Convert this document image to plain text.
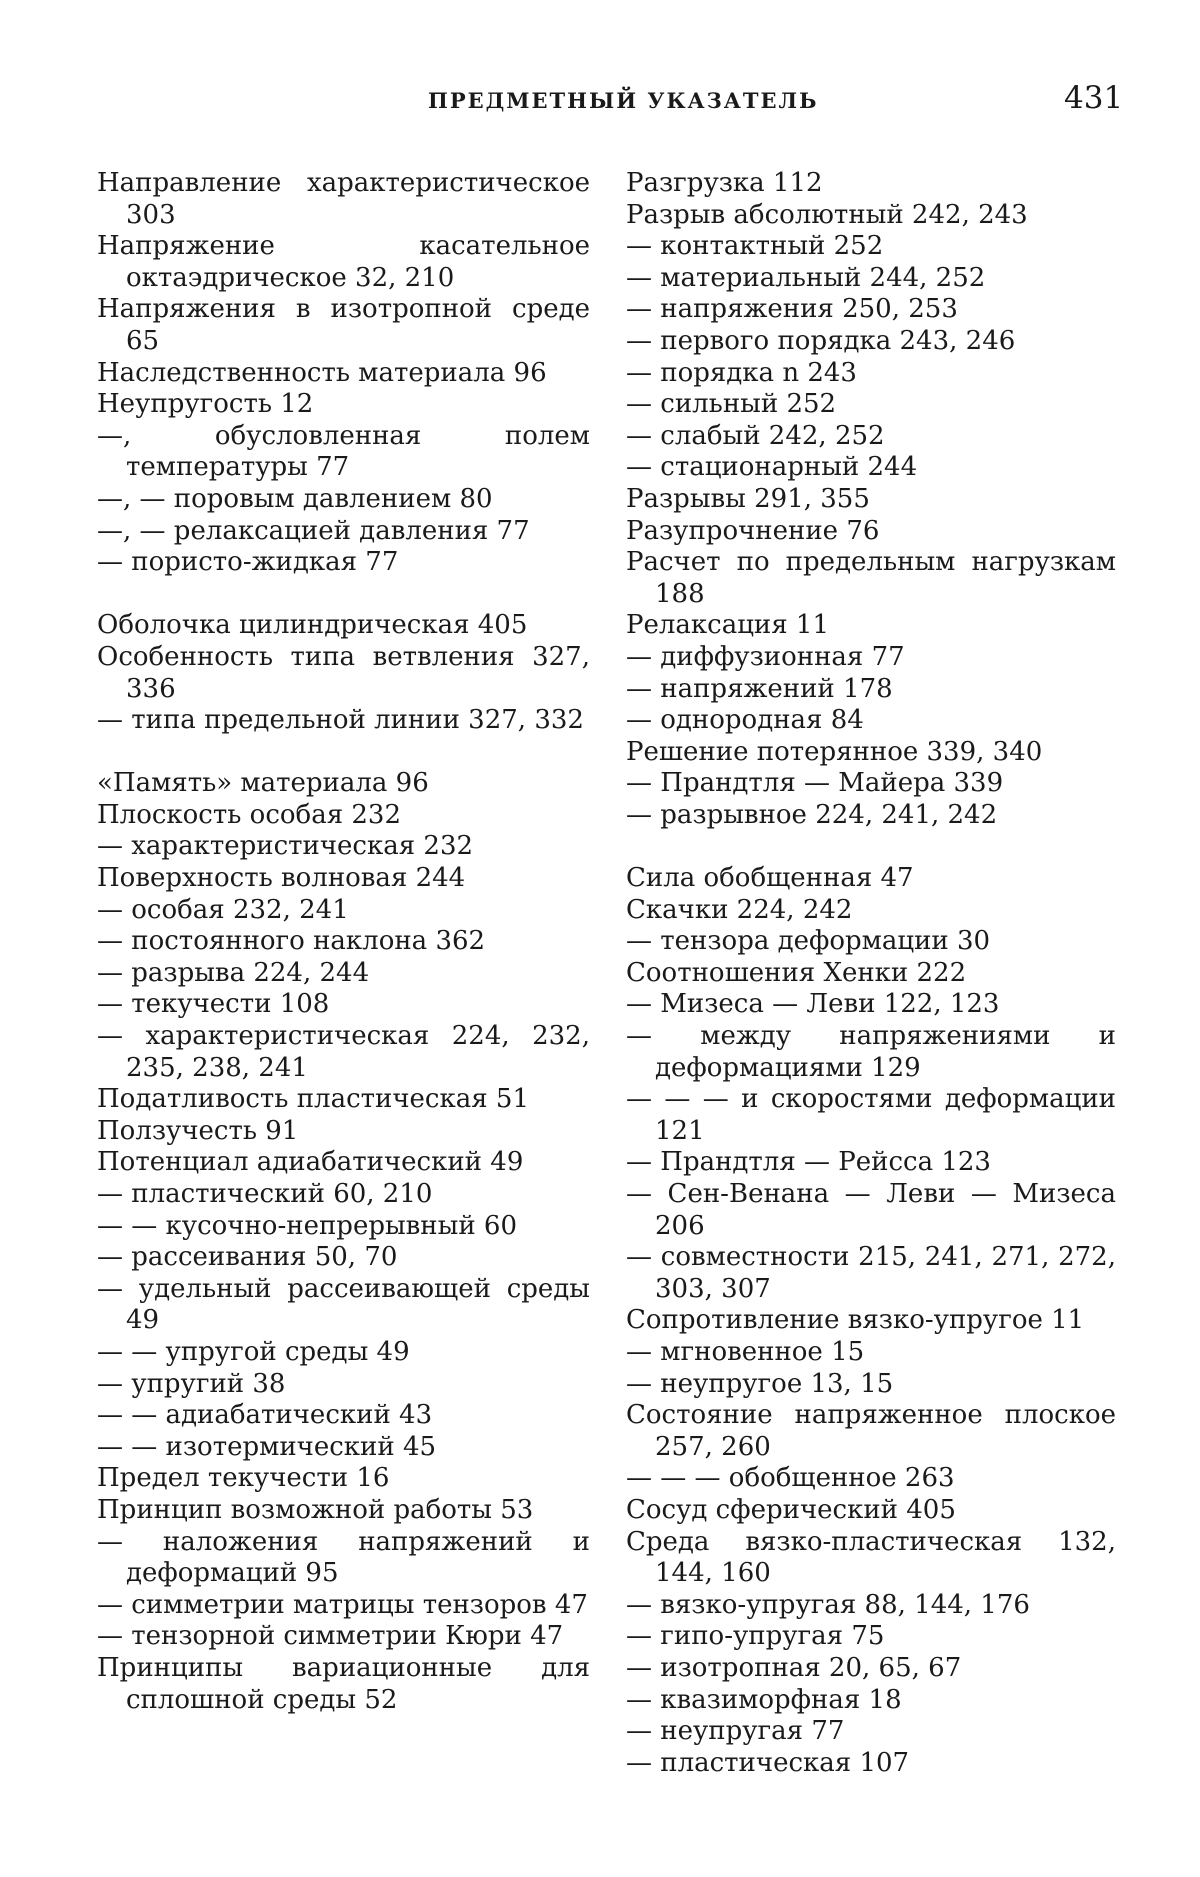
ПРЕДМЕТНЫЙ УКАЗАТЕЛЬ	431
Направление характеристическое 303
Напряжение касательное октаэдрическое 32, 210
Напряжения в изотропной среде 65
Наследственность материала 96
Неупругость 12
—, обусловленная полем температуры 77
—, — поровым давлением 80
—, — релаксацией давления 77
— пористо-жидкая 77
Оболочка цилиндрическая 405
Особенность типа ветвления 327, 336
— типа предельной линии 327, 332
«Память» материала 96
Плоскость особая 232
— характеристическая 232
Поверхность волновая 244
— особая 232, 241
— постоянного наклона 362
— разрыва 224, 244
— текучести 108
— характеристическая 224, 232, 235, 238, 241
Податливость пластическая 51
Ползучесть 91
Потенциал адиабатический 49
— пластический 60, 210
— — кусочно-непрерывный 60
— рассеивания 50, 70
— удельный рассеивающей среды 49
— — упругой среды 49
— упругий 38
— — адиабатический 43
— — изотермический 45
Предел текучести 16
Принцип возможной работы 53
— наложения напряжений и деформаций 95
— симметрии матрицы тензоров 47
— тензорной симметрии Кюри 47
Принципы вариационные для сплошной среды 52
Разгрузка 112
Разрыв абсолютный 242, 243
— контактный 252
— материальный 244, 252
— напряжения 250, 253
— первого порядка 243, 246
— порядка n 243
— сильный 252
— слабый 242, 252
— стационарный 244
Разрывы 291, 355
Разупрочнение 76
Расчет по предельным нагрузкам 188
Релаксация 11
— диффузионная 77
— напряжений 178
— однородная 84
Решение потерянное 339, 340
— Прандтля — Майера 339
— разрывное 224, 241, 242
Сила обобщенная 47
Скачки 224, 242
— тензора деформации 30
Соотношения Хенки 222
— Мизеса — Леви 122, 123
— между напряжениями и деформациями 129
— — — и скоростями деформации 121
— Прандтля — Рейсса 123
— Сен-Венана — Леви — Мизеса 206
— совместности 215, 241, 271, 272, 303, 307
Сопротивление вязко-упругое 11
— мгновенное 15
— неупругое 13, 15
Состояние напряженное плоское 257, 260
— — — обобщенное 263
Сосуд сферический 405
Среда вязко-пластическая 132, 144, 160
— вязко-упругая 88, 144, 176
— гипо-упругая 75
— изотропная 20, 65, 67
— квазиморфная 18
— неупругая 77
— пластическая 107
